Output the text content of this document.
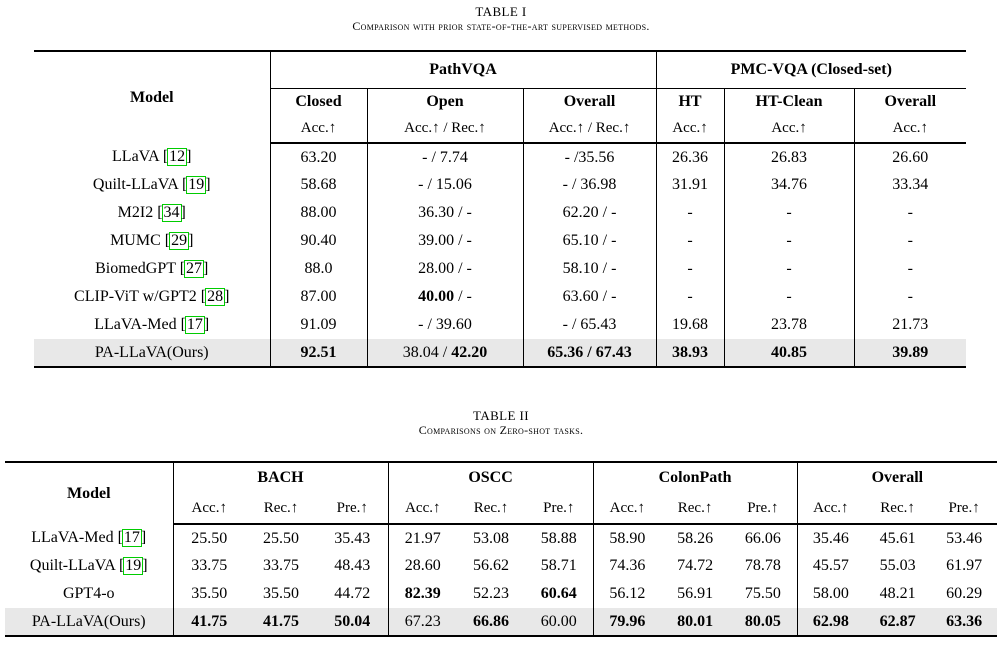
TABLE I
Comparison with prior state-of-the-art supervised methods.
Model	PathVQA			PMC-VQA (Closed-set)		
	Closed	Open	Overall	HT	HT-Clean	Overall
	Acc.↑	Acc.↑ / Rec.↑	Acc.↑ / Rec.↑	Acc.↑	Acc.↑	Acc.↑
LLaVA [12]	63.20	- / 7.74	- /35.56	26.36	26.83	26.60
Quilt-LLaVA [19]	58.68	- / 15.06	- / 36.98	31.91	34.76	33.34
M2I2 [34]	88.00	36.30 / -	62.20 / -	-	-	-
MUMC [29]	90.40	39.00 / -	65.10 / -	-	-	-
BiomedGPT [27]	88.0	28.00 / -	58.10 / -	-	-	-
CLIP-ViT w/GPT2 [28]	87.00	40.00 / -	63.60 / -	-	-	-
LLaVA-Med [17]	91.09	- / 39.60	- / 65.43	19.68	23.78	21.73
PA-LLaVA(Ours)	92.51	38.04 / 42.20	65.36 / 67.43	38.93	40.85	39.89
TABLE II
Comparisons on Zero-shot tasks.
Model	BACH			OSCC			ColonPath			Overall		
	Acc.↑	Rec.↑	Pre.↑	Acc.↑	Rec.↑	Pre.↑	Acc.↑	Rec.↑	Pre.↑	Acc.↑	Rec.↑	Pre.↑
LLaVA-Med [17]	25.50	25.50	35.43	21.97	53.08	58.88	58.90	58.26	66.06	35.46	45.61	53.46
Quilt-LLaVA [19]	33.75	33.75	48.43	28.60	56.62	58.71	74.36	74.72	78.78	45.57	55.03	61.97
GPT4-o	35.50	35.50	44.72	82.39	52.23	60.64	56.12	56.91	75.50	58.00	48.21	60.29
PA-LLaVA(Ours)	41.75	41.75	50.04	67.23	66.86	60.00	79.96	80.01	80.05	62.98	62.87	63.36
